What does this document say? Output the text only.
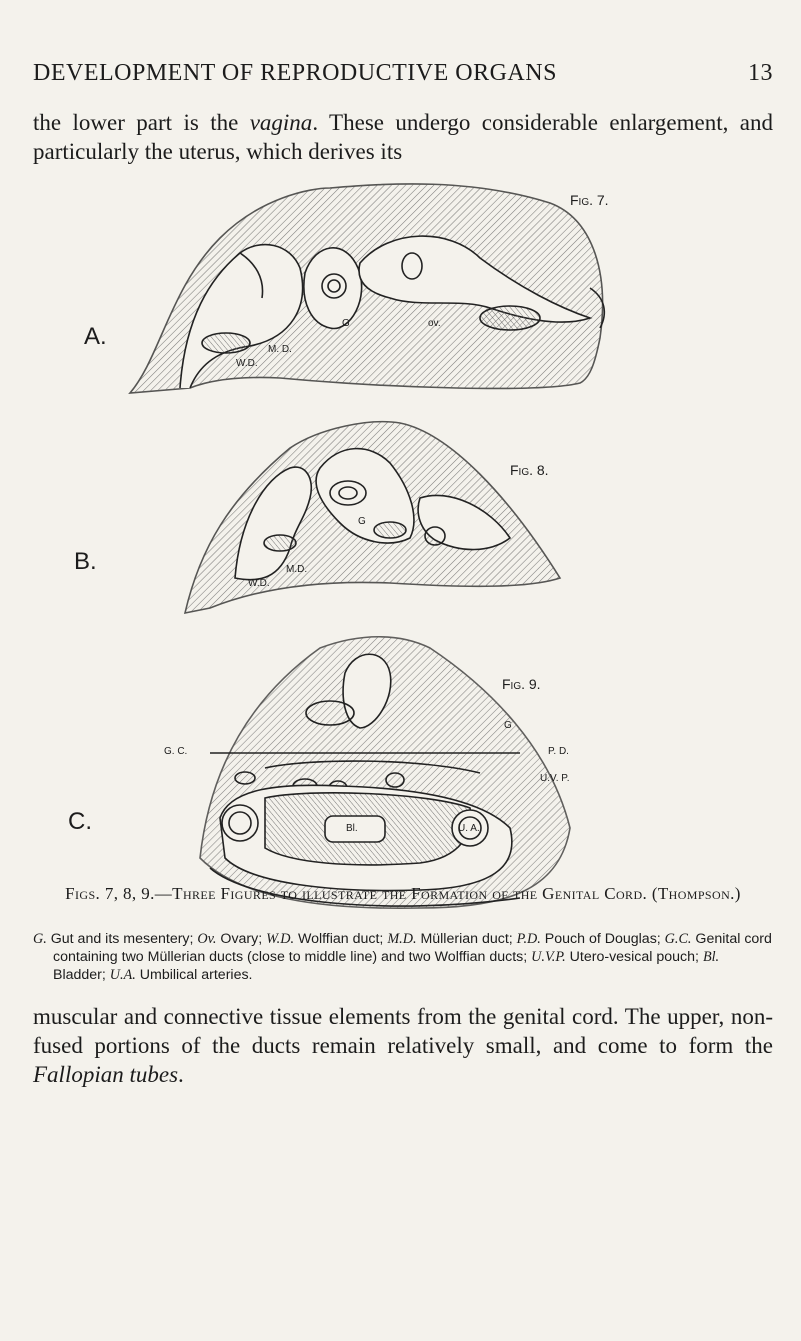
DEVELOPMENT OF REPRODUCTIVE ORGANS	13
the lower part is the vagina. These undergo considerable enlargement, and particularly the uterus, which derives its
Fig. 7.
A.	G	ov.
M. D.
W.D.
Fig. 8.
B.
G
M.D.
W.D.
Fig. 9.
C.
G
G. C.	P. D.
U.V. P.
Bl.	U. A.
Figs. 7, 8, 9.—Three Figures to illustrate the Formation of the Genital Cord. (Thompson.)
G. Gut and its mesentery; Ov. Ovary; W.D. Wolffian duct; M.D. Müllerian duct; P.D. Pouch of Douglas; G.C. Genital cord containing two Müllerian ducts (close to middle line) and two Wolffian ducts; U.V.P. Utero-vesical pouch; Bl. Bladder; U.A. Umbilical arteries.
muscular and connective tissue elements from the genital cord. The upper, non-fused portions of the ducts remain relatively small, and come to form the Fallopian tubes.
